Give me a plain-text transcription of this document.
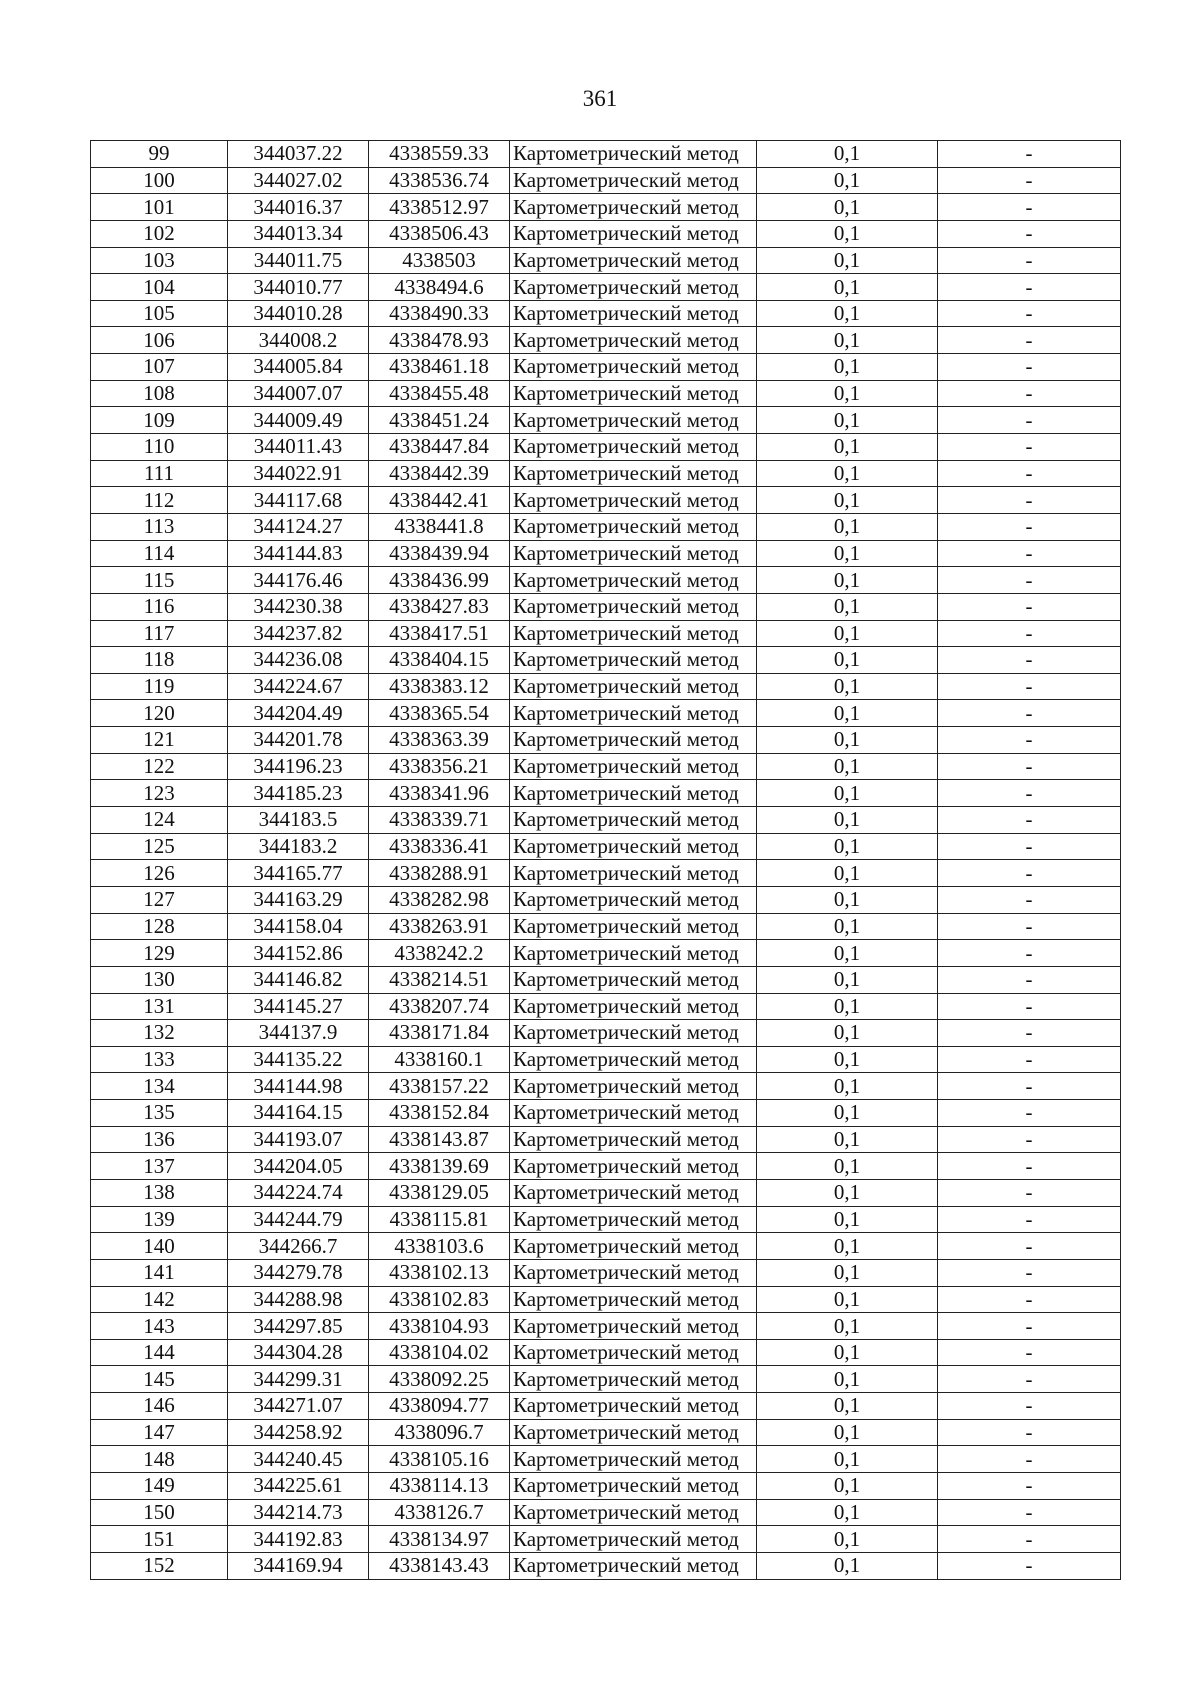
361
99	344037.22	4338559.33	Картометрический метод	0,1	-
100	344027.02	4338536.74	Картометрический метод	0,1	-
101	344016.37	4338512.97	Картометрический метод	0,1	-
102	344013.34	4338506.43	Картометрический метод	0,1	-
103	344011.75	4338503	Картометрический метод	0,1	-
104	344010.77	4338494.6	Картометрический метод	0,1	-
105	344010.28	4338490.33	Картометрический метод	0,1	-
106	344008.2	4338478.93	Картометрический метод	0,1	-
107	344005.84	4338461.18	Картометрический метод	0,1	-
108	344007.07	4338455.48	Картометрический метод	0,1	-
109	344009.49	4338451.24	Картометрический метод	0,1	-
110	344011.43	4338447.84	Картометрический метод	0,1	-
111	344022.91	4338442.39	Картометрический метод	0,1	-
112	344117.68	4338442.41	Картометрический метод	0,1	-
113	344124.27	4338441.8	Картометрический метод	0,1	-
114	344144.83	4338439.94	Картометрический метод	0,1	-
115	344176.46	4338436.99	Картометрический метод	0,1	-
116	344230.38	4338427.83	Картометрический метод	0,1	-
117	344237.82	4338417.51	Картометрический метод	0,1	-
118	344236.08	4338404.15	Картометрический метод	0,1	-
119	344224.67	4338383.12	Картометрический метод	0,1	-
120	344204.49	4338365.54	Картометрический метод	0,1	-
121	344201.78	4338363.39	Картометрический метод	0,1	-
122	344196.23	4338356.21	Картометрический метод	0,1	-
123	344185.23	4338341.96	Картометрический метод	0,1	-
124	344183.5	4338339.71	Картометрический метод	0,1	-
125	344183.2	4338336.41	Картометрический метод	0,1	-
126	344165.77	4338288.91	Картометрический метод	0,1	-
127	344163.29	4338282.98	Картометрический метод	0,1	-
128	344158.04	4338263.91	Картометрический метод	0,1	-
129	344152.86	4338242.2	Картометрический метод	0,1	-
130	344146.82	4338214.51	Картометрический метод	0,1	-
131	344145.27	4338207.74	Картометрический метод	0,1	-
132	344137.9	4338171.84	Картометрический метод	0,1	-
133	344135.22	4338160.1	Картометрический метод	0,1	-
134	344144.98	4338157.22	Картометрический метод	0,1	-
135	344164.15	4338152.84	Картометрический метод	0,1	-
136	344193.07	4338143.87	Картометрический метод	0,1	-
137	344204.05	4338139.69	Картометрический метод	0,1	-
138	344224.74	4338129.05	Картометрический метод	0,1	-
139	344244.79	4338115.81	Картометрический метод	0,1	-
140	344266.7	4338103.6	Картометрический метод	0,1	-
141	344279.78	4338102.13	Картометрический метод	0,1	-
142	344288.98	4338102.83	Картометрический метод	0,1	-
143	344297.85	4338104.93	Картометрический метод	0,1	-
144	344304.28	4338104.02	Картометрический метод	0,1	-
145	344299.31	4338092.25	Картометрический метод	0,1	-
146	344271.07	4338094.77	Картометрический метод	0,1	-
147	344258.92	4338096.7	Картометрический метод	0,1	-
148	344240.45	4338105.16	Картометрический метод	0,1	-
149	344225.61	4338114.13	Картометрический метод	0,1	-
150	344214.73	4338126.7	Картометрический метод	0,1	-
151	344192.83	4338134.97	Картометрический метод	0,1	-
152	344169.94	4338143.43	Картометрический метод	0,1	-
